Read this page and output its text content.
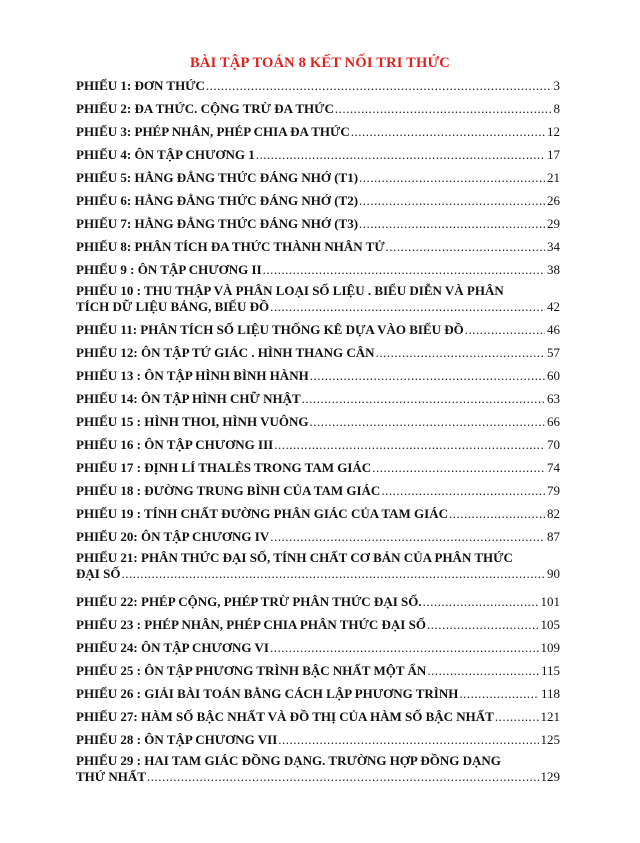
BÀI TẬP TOÁN 8 KẾT NỐI TRI THỨC
PHIẾU 1: ĐƠN THỨC .....	3
PHIẾU 2: ĐA THỨC. CỘNG TRỪ ĐA THỨC .....	8
PHIẾU 3: PHÉP NHÂN, PHÉP CHIA ĐA THỨC .....	12
PHIẾU 4: ÔN TẬP CHƯƠNG 1 .....	17
PHIẾU 5: HẰNG ĐẲNG THỨC ĐÁNG NHỚ (T1) .....	21
PHIẾU 6: HẰNG ĐẲNG THỨC ĐÁNG NHỚ (T2) .....	26
PHIẾU 7: HẰNG ĐẲNG THỨC ĐÁNG NHỚ (T3) .....	29
PHIẾU 8: PHÂN TÍCH ĐA THỨC THÀNH NHÂN TỬ .....	34
PHIẾU 9 : ÔN TẬP CHƯƠNG II .....	38
PHIẾU 10 : THU THẬP VÀ PHÂN LOẠI SỐ LIỆU . BIỂU DIỄN VÀ PHÂN
TÍCH DỮ LIỆU BẢNG, BIỂU ĐỒ .....	42
PHIẾU 11: PHÂN TÍCH SỐ LIỆU THỐNG KÊ DỰA VÀO BIỂU ĐỒ .....	46
PHIẾU 12: ÔN TẬP TỨ GIÁC . HÌNH THANG CÂN .....	57
PHIẾU 13 : ÔN TẬP HÌNH BÌNH HÀNH .....	60
PHIẾU 14: ÔN TẬP HÌNH CHỮ NHẬT .....	63
PHIẾU 15 : HÌNH THOI, HÌNH VUÔNG .....	66
PHIẾU 16 : ÔN TẬP CHƯƠNG III .....	70
PHIẾU 17 : ĐỊNH LÍ THALÈS TRONG TAM GIÁC .....	74
PHIẾU 18 : ĐƯỜNG TRUNG BÌNH CỦA TAM GIÁC .....	79
PHIẾU 19 : TÍNH CHẤT ĐƯỜNG PHÂN GIÁC CỦA TAM GIÁC .....	82
PHIẾU 20: ÔN TẬP CHƯƠNG IV .....	87
PHIẾU 21: PHÂN THỨC ĐẠI SỐ, TÍNH CHẤT CƠ BẢN CỦA PHÂN THỨC
ĐẠI SỐ .....	90
PHIẾU 22: PHÉP CỘNG, PHÉP TRỪ PHÂN THỨC ĐẠI SỐ. .....	101
PHIẾU 23 : PHÉP NHÂN, PHÉP CHIA PHÂN THỨC ĐẠI SỐ .....	105
PHIẾU 24: ÔN TẬP CHƯƠNG VI .....	109
PHIẾU 25 : ÔN TẬP PHƯƠNG TRÌNH BẬC NHẤT MỘT ẨN .....	115
PHIẾU 26 : GIẢI BÀI TOÁN BẰNG CÁCH LẬP PHƯƠNG TRÌNH .....	118
PHIẾU 27: HÀM SỐ BẬC NHẤT VÀ ĐỒ THỊ CỦA HÀM SỐ BẬC NHẤT .....	121
PHIẾU 28 : ÔN TẬP CHƯƠNG VII .....	125
PHIẾU 29 : HAI TAM GIÁC ĐỒNG DẠNG. TRƯỜNG HỢP ĐỒNG DẠNG
THỨ NHẤT .....	129
